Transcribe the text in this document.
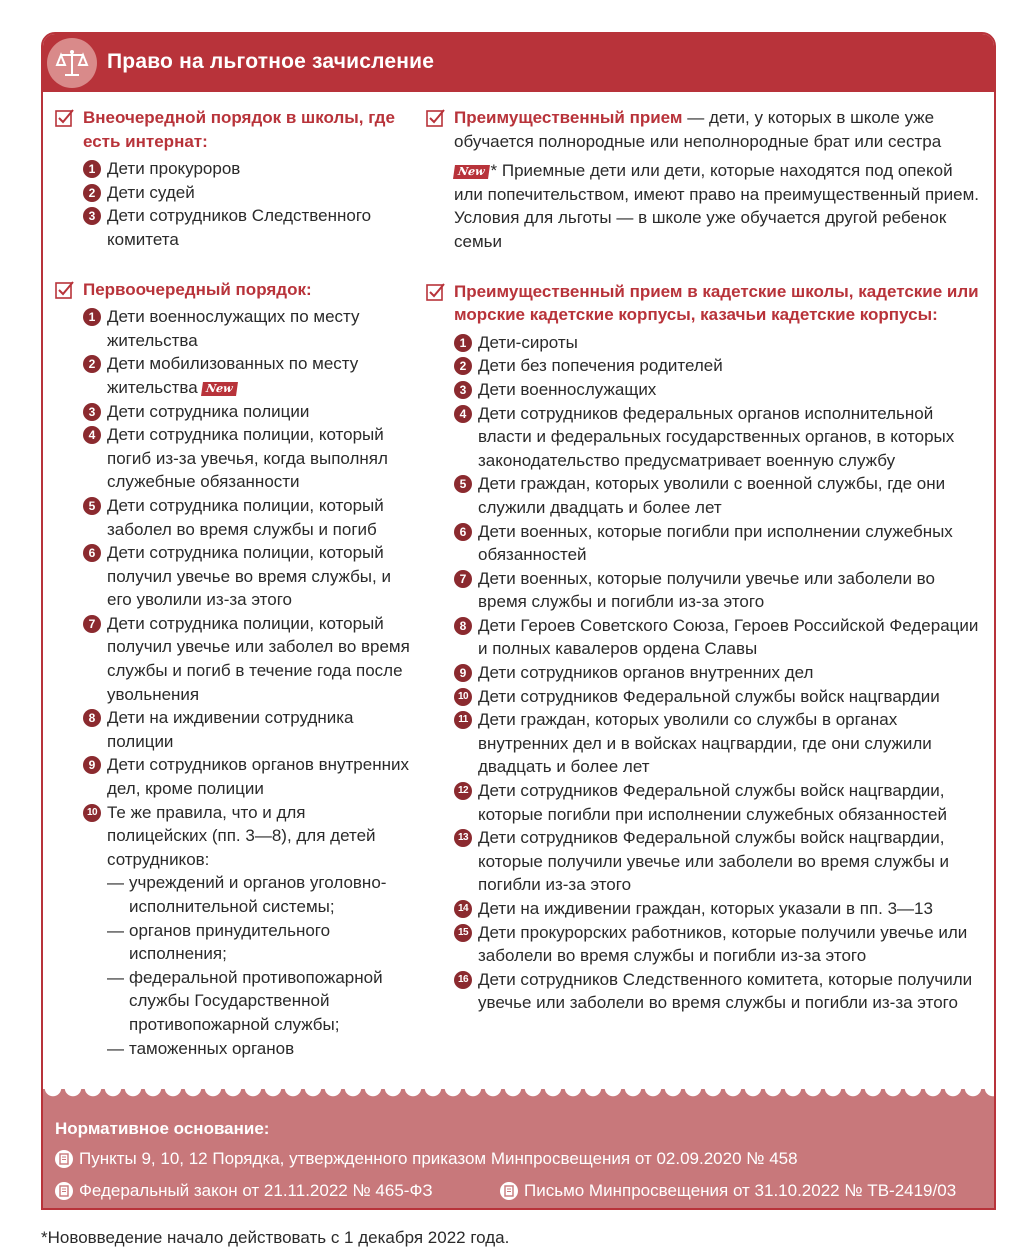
Право на льготное зачисление
Внеочередной порядок в школы, где есть интернат:
1 Дети прокуроров
2 Дети судей
3 Дети сотрудников Следственного комитета
Первоочередный порядок:
1 Дети военнослужащих по месту жительства
2 Дети мобилизованных по месту жительства New
3 Дети сотрудника полиции
4 Дети сотрудника полиции, который погиб из-за увечья, когда выполнял служебные обязанности
5 Дети сотрудника полиции, который заболел во время службы и погиб
6 Дети сотрудника полиции, который получил увечье во время службы, и его уволили из-за этого
7 Дети сотрудника полиции, который получил увечье или заболел во время службы и погиб в течение года после увольнения
8 Дети на иждивении сотрудника полиции
9 Дети сотрудников органов внутренних дел, кроме полиции
10 Те же правила, что и для полицейских (пп. 3—8), для детей сотрудников:
— учреждений и органов уголовно-исполнительной системы;
— органов принудительного исполнения;
— федеральной противопожарной службы Государственной противопожарной службы;
— таможенных органов
Преимущественный прием — дети, у которых в школе уже обучается полнородные или неполнородные брат или сестра
New * Приемные дети или дети, которые находятся под опекой или попечительством, имеют право на преимущественный прием. Условия для льготы — в школе уже обучается другой ребенок семьи
Преимущественный прием в кадетские школы, кадетские или морские кадетские корпусы, казачьи кадетские корпусы:
1 Дети-сироты
2 Дети без попечения родителей
3 Дети военнослужащих
4 Дети сотрудников федеральных органов исполнительной власти и федеральных государственных органов, в которых законодательство предусматривает военную службу
5 Дети граждан, которых уволили с военной службы, где они служили двадцать и более лет
6 Дети военных, которые погибли при исполнении служебных обязанностей
7 Дети военных, которые получили увечье или заболели во время службы и погибли из-за этого
8 Дети Героев Советского Союза, Героев Российской Федерации и полных кавалеров ордена Славы
9 Дети сотрудников органов внутренних дел
10 Дети сотрудников Федеральной службы войск нацгвардии
11 Дети граждан, которых уволили со службы в органах внутренних дел и в войсках нацгвардии, где они служили двадцать и более лет
12 Дети сотрудников Федеральной службы войск нацгвардии, которые погибли при исполнении служебных обязанностей
13 Дети сотрудников Федеральной службы войск нацгвардии, которые получили увечье или заболели во время службы и погибли из-за этого
14 Дети на иждивении граждан, которых указали в пп. 3—13
15 Дети прокурорских работников, которые получили увечье или заболели во время службы и погибли из-за этого
16 Дети сотрудников Следственного комитета, которые получили увечье или заболели во время службы и погибли из-за этого
Нормативное основание:
Пункты 9, 10, 12 Порядка, утвержденного приказом Минпросвещения от 02.09.2020 № 458
Федеральный закон от 21.11.2022 № 465-ФЗ	Письмо Минпросвещения от 31.10.2022 № ТВ-2419/03
*Нововведение начало действовать с 1 декабря 2022 года.
